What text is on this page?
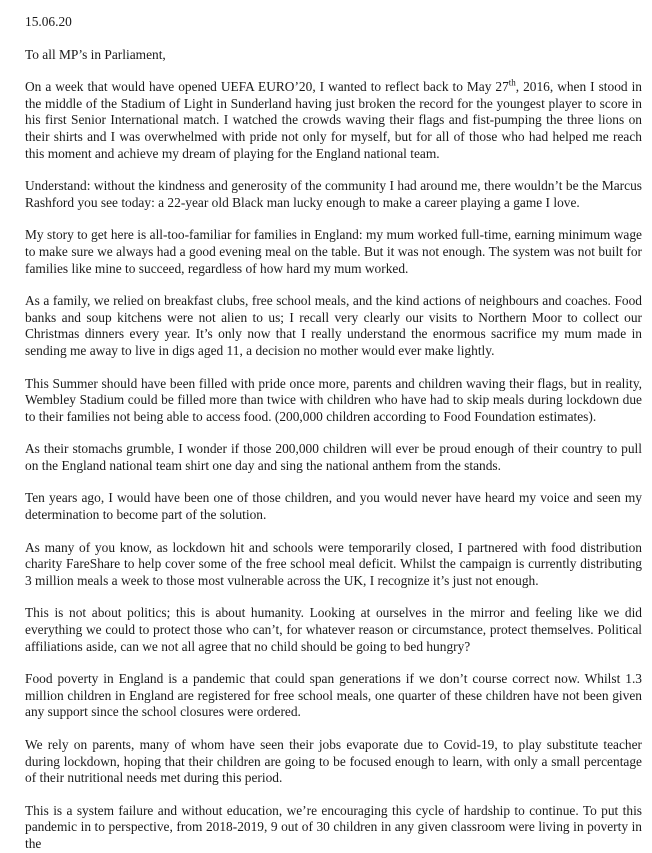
15.06.20
To all MP’s in Parliament,

On a week that would have opened UEFA EURO’20, I wanted to reflect back to May 27th, 2016, when I stood in the middle of the Stadium of Light in Sunderland having just broken the record for the youngest player to score in his first Senior International match. I watched the crowds waving their flags and fist-pumping the three lions on their shirts and I was overwhelmed with pride not only for myself, but for all of those who had helped me reach this moment and achieve my dream of playing for the England national team.

Understand: without the kindness and generosity of the community I had around me, there wouldn’t be the Marcus Rashford you see today: a 22-year old Black man lucky enough to make a career playing a game I love.

My story to get here is all-too-familiar for families in England: my mum worked full-time, earning minimum wage to make sure we always had a good evening meal on the table. But it was not enough. The system was not built for families like mine to succeed, regardless of how hard my mum worked.

As a family, we relied on breakfast clubs, free school meals, and the kind actions of neighbours and coaches. Food banks and soup kitchens were not alien to us; I recall very clearly our visits to Northern Moor to collect our Christmas dinners every year. It’s only now that I really understand the enormous sacrifice my mum made in sending me away to live in digs aged 11, a decision no mother would ever make lightly.

This Summer should have been filled with pride once more, parents and children waving their flags, but in reality, Wembley Stadium could be filled more than twice with children who have had to skip meals during lockdown due to their families not being able to access food. (200,000 children according to Food Foundation estimates).

As their stomachs grumble, I wonder if those 200,000 children will ever be proud enough of their country to pull on the England national team shirt one day and sing the national anthem from the stands.

Ten years ago, I would have been one of those children, and you would never have heard my voice and seen my determination to become part of the solution.

As many of you know, as lockdown hit and schools were temporarily closed, I partnered with food distribution charity FareShare to help cover some of the free school meal deficit. Whilst the campaign is currently distributing 3 million meals a week to those most vulnerable across the UK, I recognize it’s just not enough.

This is not about politics; this is about humanity. Looking at ourselves in the mirror and feeling like we did everything we could to protect those who can’t, for whatever reason or circumstance, protect themselves. Political affiliations aside, can we not all agree that no child should be going to bed hungry?

Food poverty in England is a pandemic that could span generations if we don’t course correct now. Whilst 1.3 million children in England are registered for free school meals, one quarter of these children have not been given any support since the school closures were ordered.

We rely on parents, many of whom have seen their jobs evaporate due to Covid-19, to play substitute teacher during lockdown, hoping that their children are going to be focused enough to learn, with only a small percentage of their nutritional needs met during this period.

This is a system failure and without education, we’re encouraging this cycle of hardship to continue. To put this pandemic in to perspective, from 2018-2019, 9 out of 30 children in any given classroom were living in poverty in the
